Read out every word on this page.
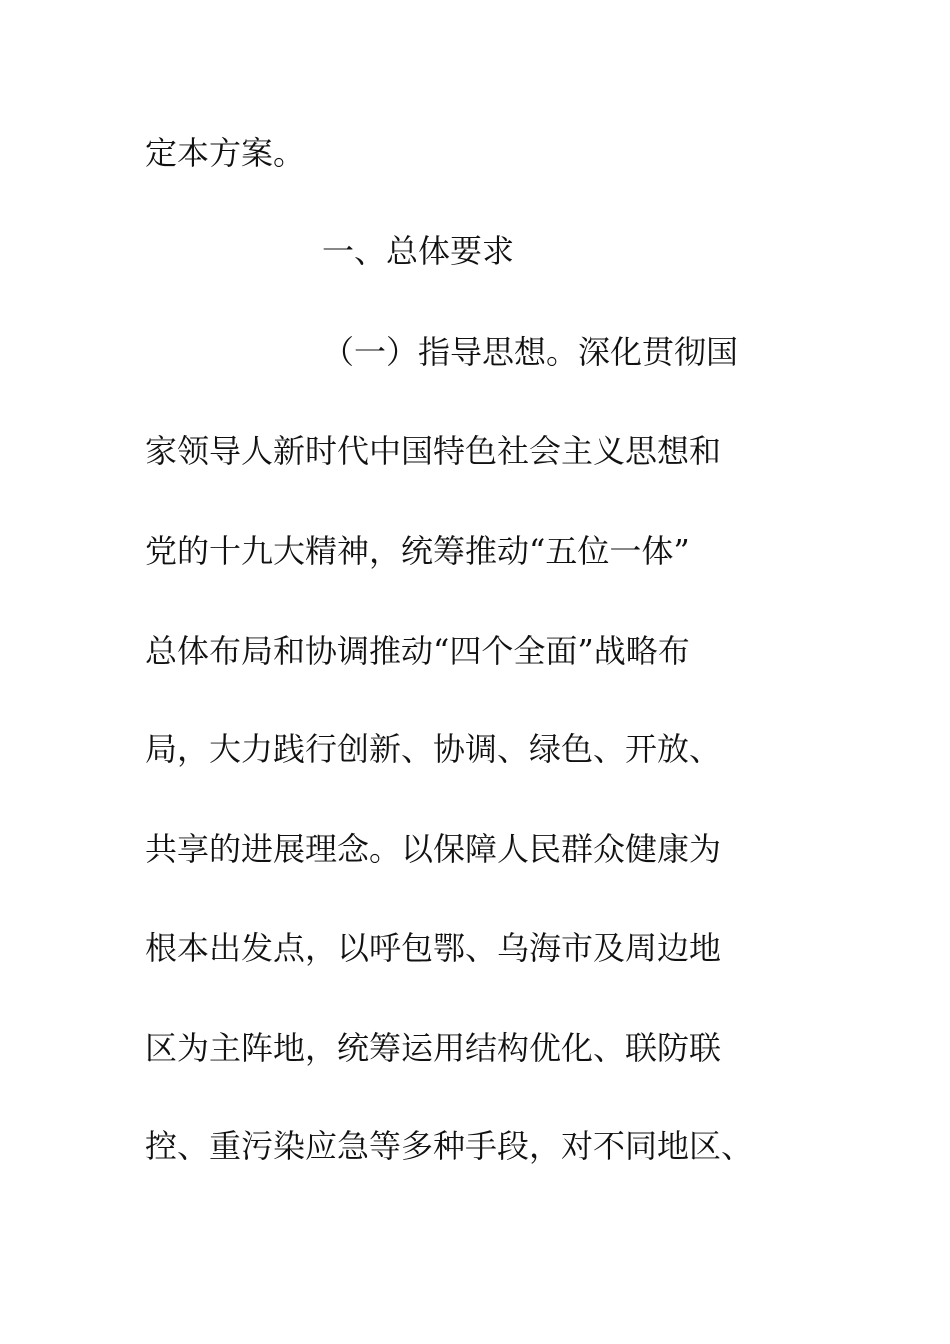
定本方案。
一、总体要求
（一）指导思想。深化贯彻国
家领导人新时代中国特色社会主义思想和
党的十九大精神，统筹推动“五位一体”
总体布局和协调推动“四个全面”战略布
局，大力践行创新、协调、绿色、开放、
共享的进展理念。以保障人民群众健康为
根本出发点，以呼包鄂、乌海市及周边地
区为主阵地，统筹运用结构优化、联防联
控、重污染应急等多种手段，对不同地区、
